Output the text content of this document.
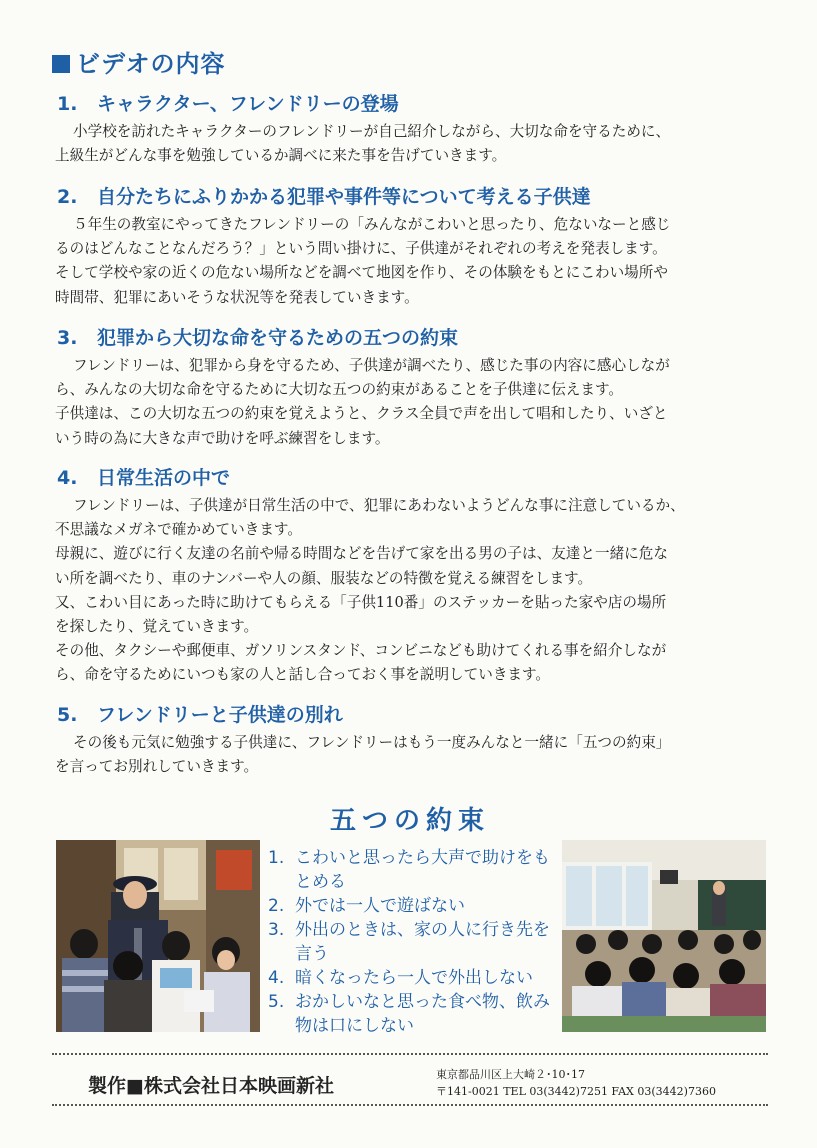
ビデオの内容
1. キャラクター、フレンドリーの登場

小学校を訪れたキャラクターのフレンドリーが自己紹介しながら、大切な命を守るために、

上級生がどんな事を勉強しているか調べに来た事を告げていきます。

2. 自分たちにふりかかる犯罪や事件等について考える子供達

５年生の教室にやってきたフレンドリーの「みんながこわいと思ったり、危ないなーと感じ

るのはどんなことなんだろう？」という問い掛けに、子供達がそれぞれの考えを発表します。

そして学校や家の近くの危ない場所などを調べて地図を作り、その体験をもとにこわい場所や

時間帯、犯罪にあいそうな状況等を発表していきます。

3. 犯罪から大切な命を守るための五つの約束

フレンドリーは、犯罪から身を守るため、子供達が調べたり、感じた事の内容に感心しなが

ら、みんなの大切な命を守るために大切な五つの約束があることを子供達に伝えます。

子供達は、この大切な五つの約束を覚えようと、クラス全員で声を出して唱和したり、いざと

いう時の為に大きな声で助けを呼ぶ練習をします。

4. 日常生活の中で

フレンドリーは、子供達が日常生活の中で、犯罪にあわないようどんな事に注意しているか、

不思議なメガネで確かめていきます。

母親に、遊びに行く友達の名前や帰る時間などを告げて家を出る男の子は、友達と一緒に危な

い所を調べたり、車のナンバーや人の顔、服装などの特徴を覚える練習をします。

又、こわい目にあった時に助けてもらえる「子供110番」のステッカーを貼った家や店の場所

を探したり、覚えていきます。

その他、タクシーや郵便車、ガソリンスタンド、コンビニなども助けてくれる事を紹介しなが

ら、命を守るためにいつも家の人と話し合っておく事を説明していきます。

5. フレンドリーと子供達の別れ

その後も元気に勉強する子供達に、フレンドリーはもう一度みんなと一緒に「五つの約束」

を言ってお別れしていきます。

五つの約束
1. こわいと思ったら大声で助けをもとめる
2. 外では一人で遊ばない
3. 外出のときは、家の人に行き先を言う
4. 暗くなったら一人で外出しない
5. おかしいなと思った食べ物、飲み物は口にしない
製作■株式会社日本映画新社
東京都品川区上大崎２･10･17
〒141-0021 TEL 03(3442)7251 FAX 03(3442)7360
